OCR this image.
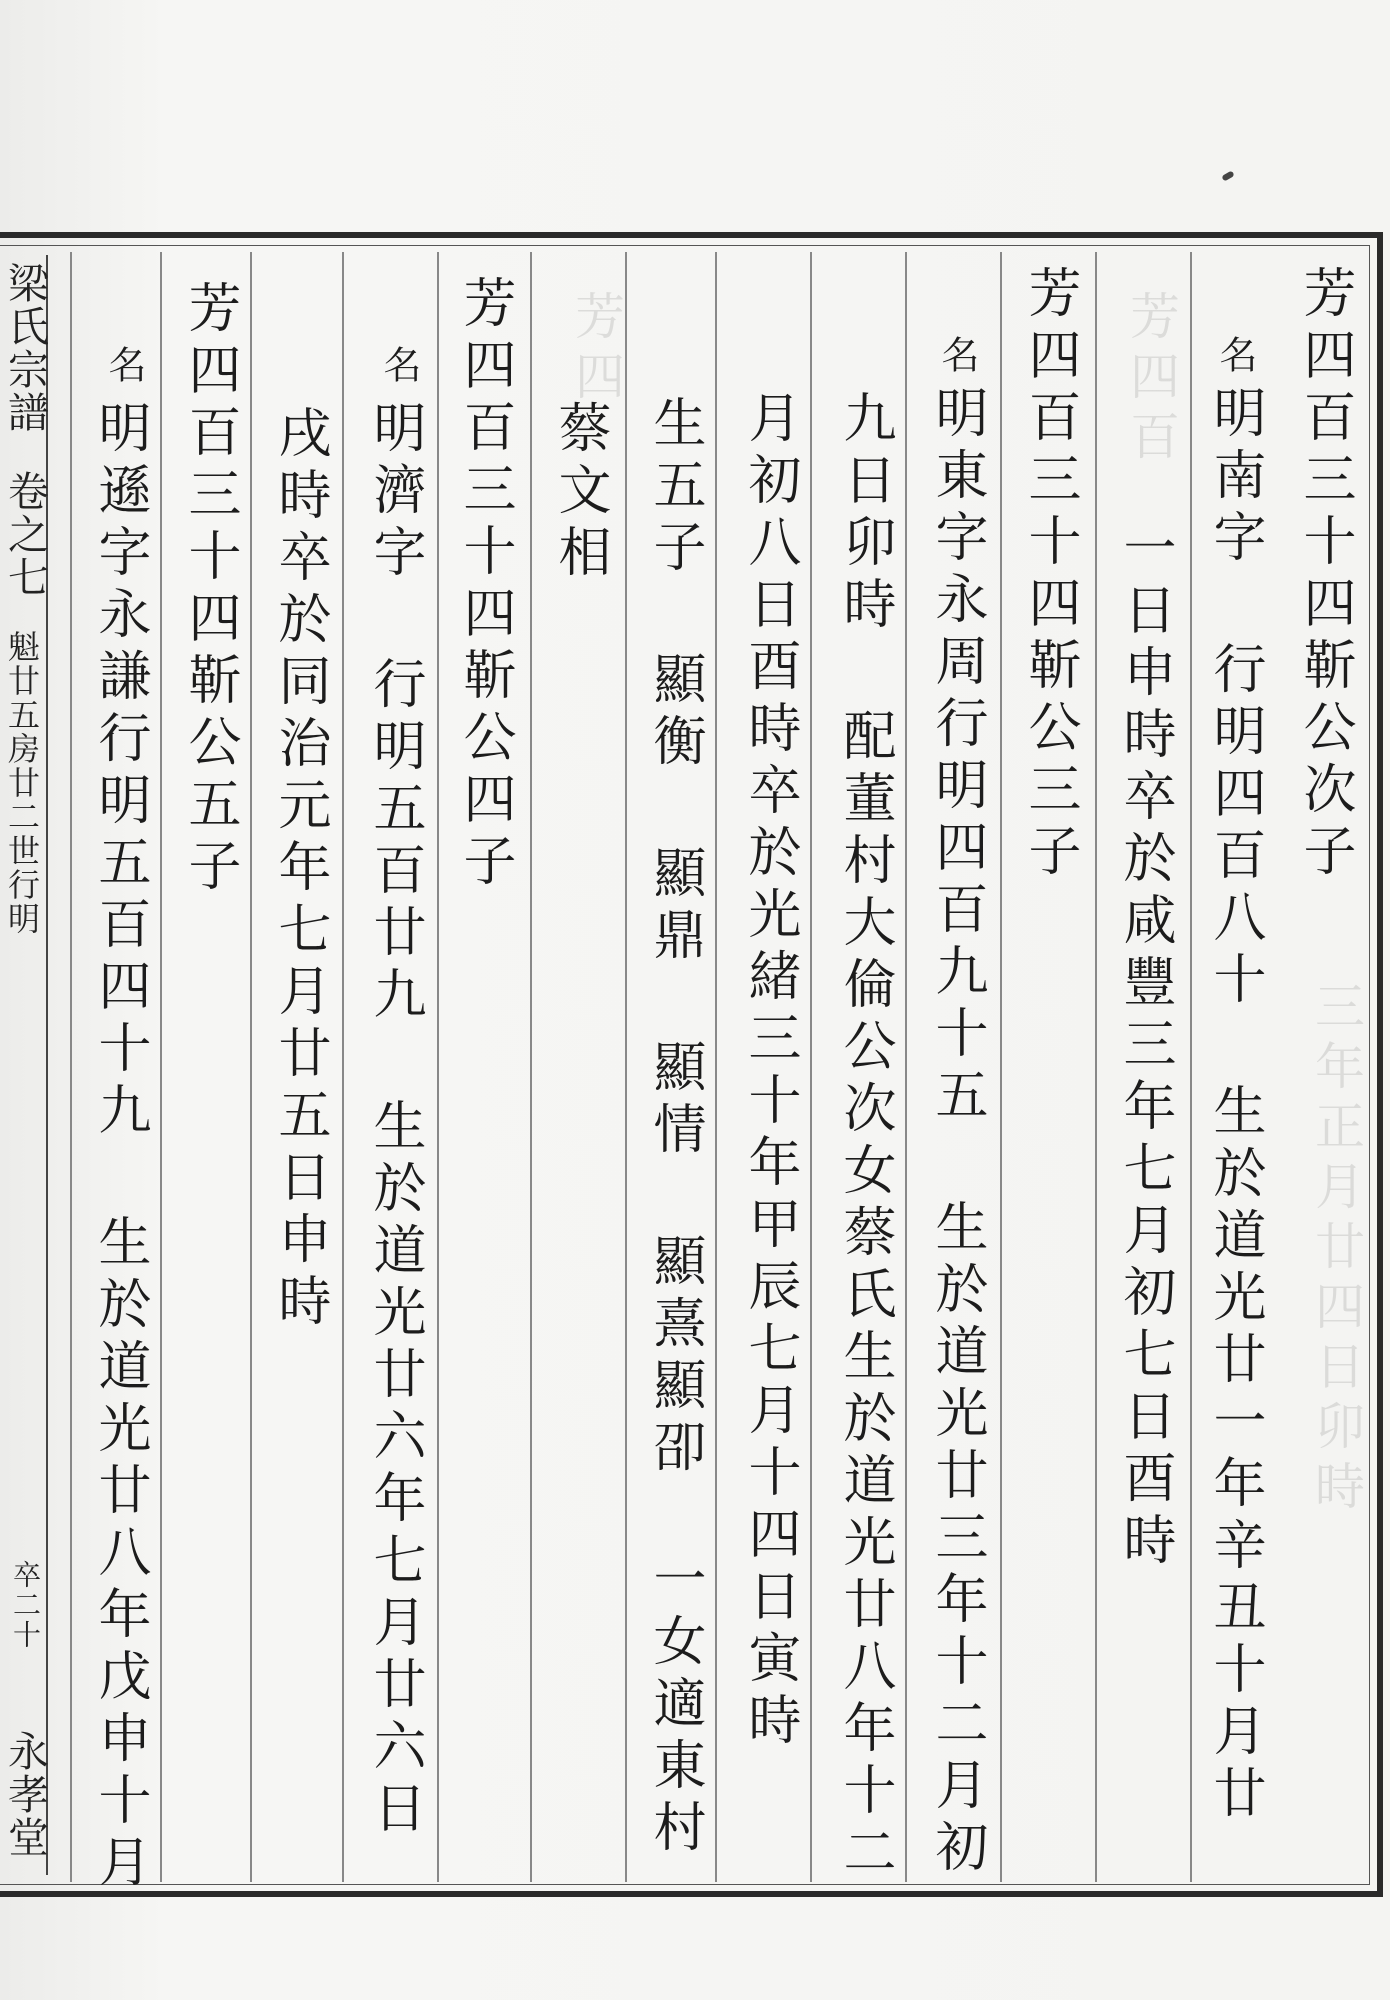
三年正月廿四日卯時
芳四百
芳四
梁氏宗譜
卷之七
魁廿五房廿二世行明
卒二十
永孝堂
芳四百三十四靳公次子
名
明南字 行明四百八十 生於道光廿一年辛丑十月廿
一日申時卒於咸豐三年七月初七日酉時
芳四百三十四靳公三子
名
明東字永周行明四百九十五 生於道光廿三年十二月初
九日卯時 配董村大倫公次女蔡氏生於道光廿八年十二
月初八日酉時卒於光緒三十年甲辰七月十四日寅時
生五子 顯衡 顯鼎 顯情 顯熹顯卲 一女適東村
蔡文相
芳四百三十四靳公四子
名
明濟字 行明五百廿九 生於道光廿六年七月廿六日
戌時卒於同治元年七月廿五日申時
芳四百三十四靳公五子
名
明遜字永謙行明五百四十九 生於道光廿八年戊申十月
